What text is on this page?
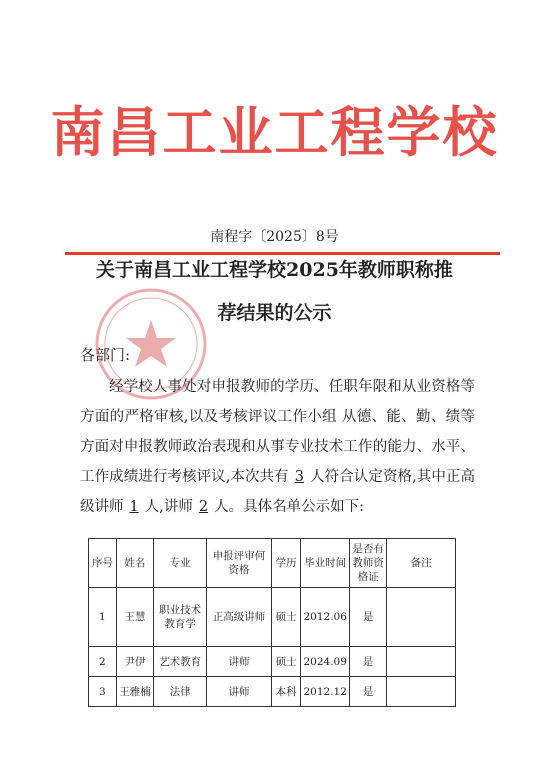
南昌工业工程学校
南程字〔2025〕8号
关于南昌工业工程学校2025年教师职称推
荐结果的公示
各部门:
经学校人事处对申报教师的学历、任职年限和从业资格等方面的严格审核,以及考核评议工作小组 从德、能、勤、绩等方面对申报教师政治表现和从事专业技术工作的能力、水平、工作成绩进行考核评议,本次共有 3 人符合认定资格,其中正高级讲师 1 人,讲师 2 人。具体名单公示如下:
序号	姓名	专业	申报评审何资格	学历	毕业时间	是否有教师资格证	备注
1	王慧	职业技术教育学	正高级讲师	硕士	2012.06	是	
2	尹伊	艺术教育	讲师	硕士	2024.09	是	
3	王雅楠	法律	讲师	本科	2012.12	是	
